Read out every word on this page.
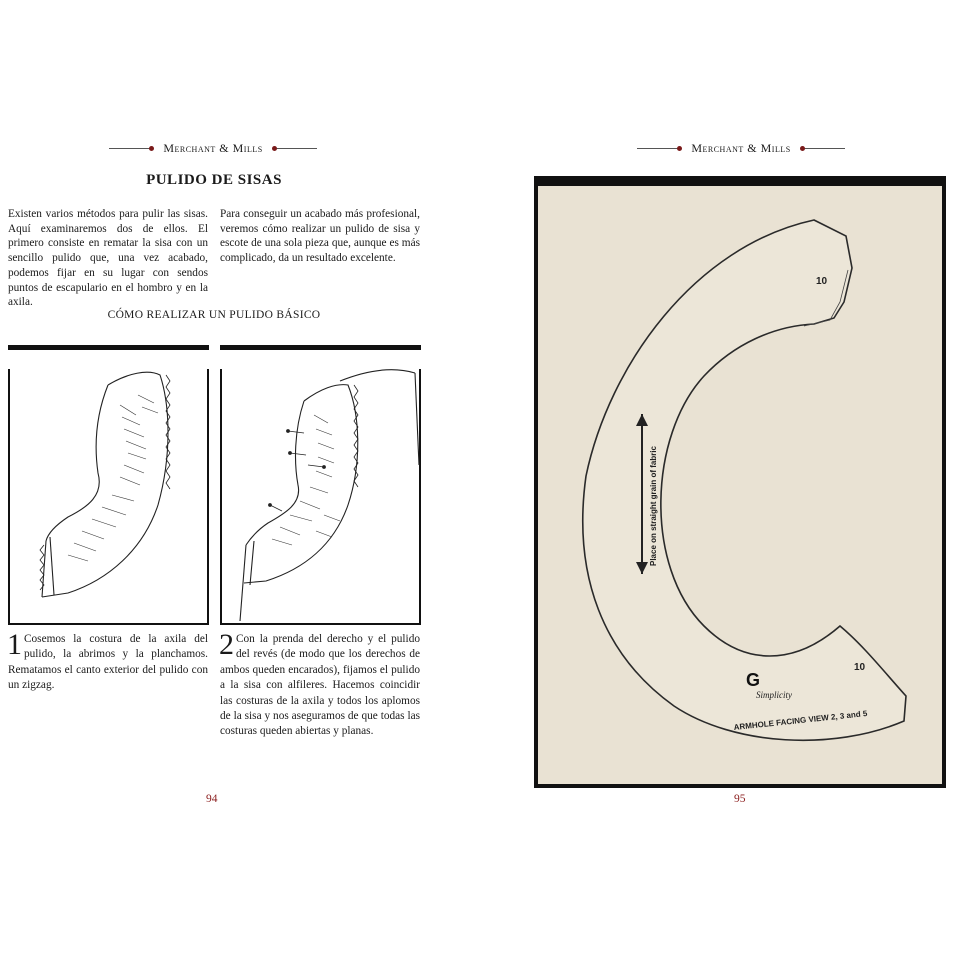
Merchant & Mills	Merchant & Mills
PULIDO DE SISAS
Existen varios métodos para pulir las sisas. Aquí examinaremos dos de ellos. El primero consiste en rematar la sisa con un sencillo pulido que, una vez acabado, podemos fijar en su lugar con sendos puntos de escapulario en el hombro y en la axila.
Para conseguir un acabado más profesional, veremos cómo realizar un pulido de sisa y escote de una sola pieza que, aunque es más complicado, da un resultado excelente.
CÓMO REALIZAR UN PULIDO BÁSICO
1 Cosemos la costura de la axila del pulido, la abrimos y la planchamos. Rematamos el canto exterior del pulido con un zigzag.
2 Con la prenda del derecho y el pulido del revés (de modo que los derechos de ambos queden encarados), fijamos el pulido a la sisa con alfileres. Hacemos coincidir las costuras de la axila y todos los aplomos de la sisa y nos aseguramos de que todas las costuras queden abiertas y planas.
94
Place on straight grain of fabric
G
Simplicity
ARMHOLE FACING VIEW 2, 3 and 5
10
10
95
